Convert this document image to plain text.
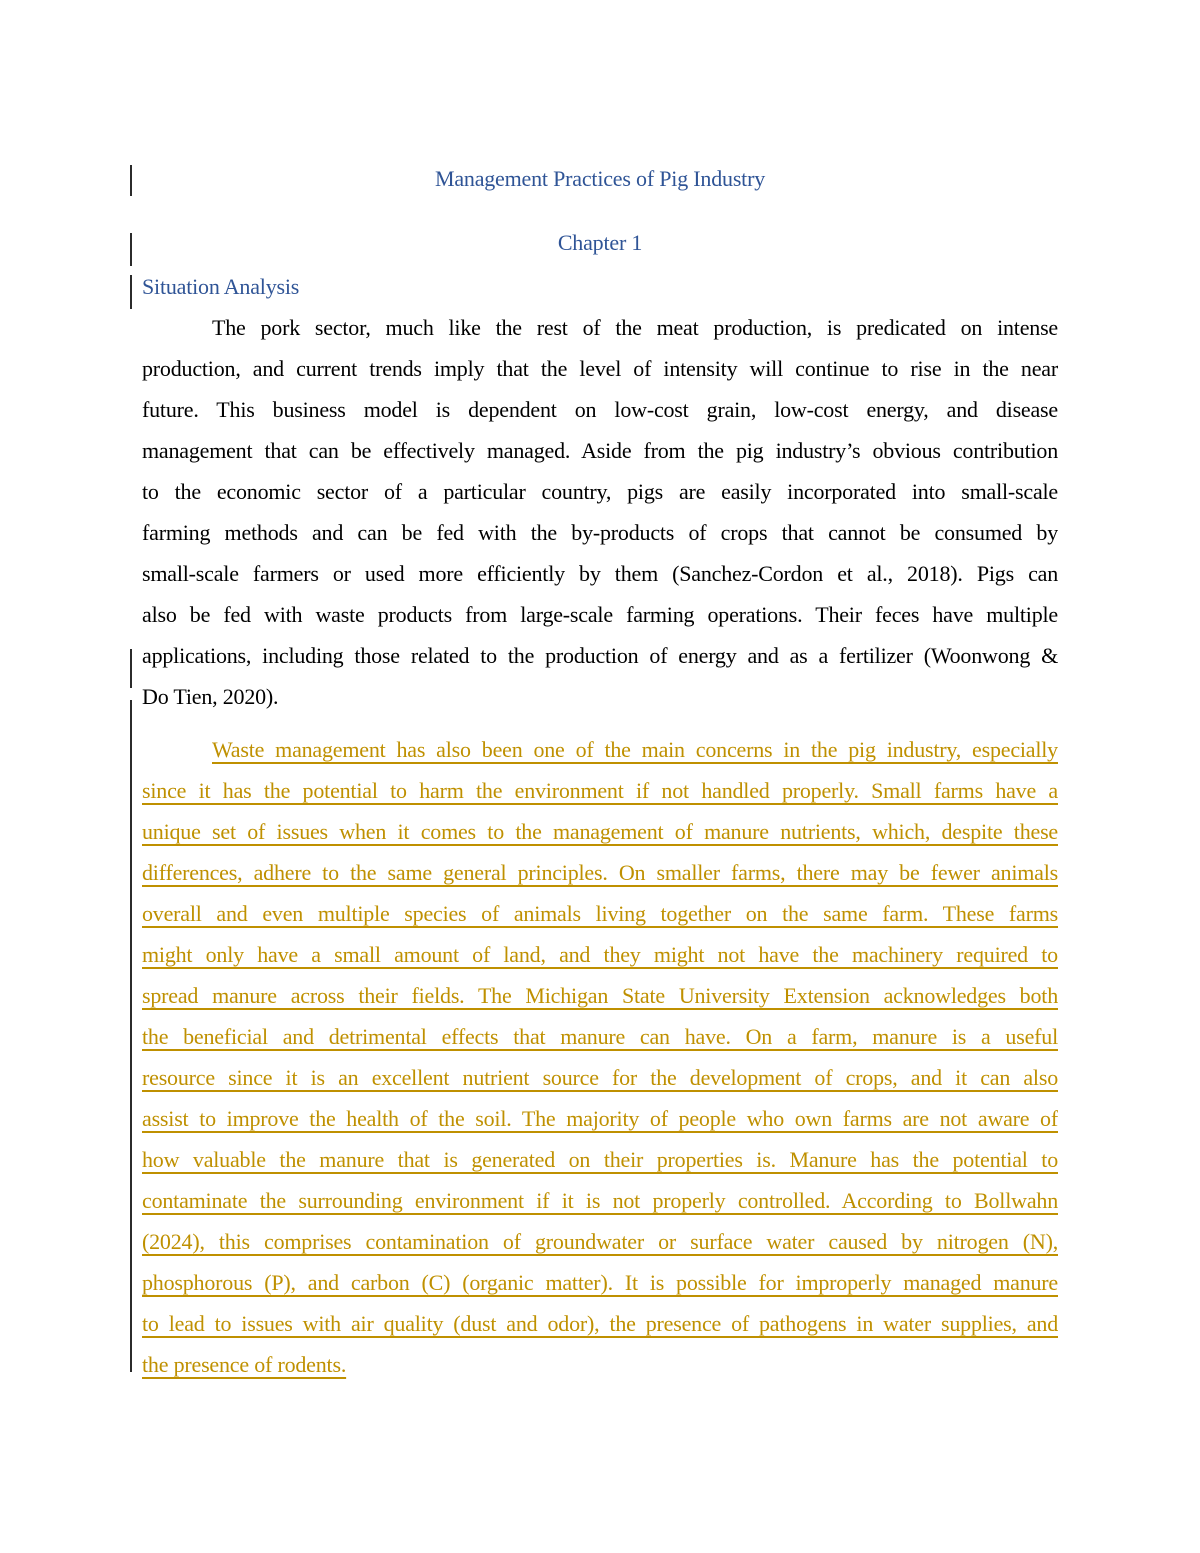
Management Practices of Pig Industry
Chapter 1
Situation Analysis
The pork sector, much like the rest of the meat production, is predicated on intense
production, and current trends imply that the level of intensity will continue to rise in the near
future. This business model is dependent on low-cost grain, low-cost energy, and disease
management that can be effectively managed. Aside from the pig industry’s obvious contribution
to the economic sector of a particular country, pigs are easily incorporated into small-scale
farming methods and can be fed with the by-products of crops that cannot be consumed by
small-scale farmers or used more efficiently by them (Sanchez-Cordon et al., 2018). Pigs can
also be fed with waste products from large-scale farming operations. Their feces have multiple
applications, including those related to the production of energy and as a fertilizer (Woonwong &
Do Tien, 2020).
Waste management has also been one of the main concerns in the pig industry, especially
since it has the potential to harm the environment if not handled properly. Small farms have a
unique set of issues when it comes to the management of manure nutrients, which, despite these
differences, adhere to the same general principles. On smaller farms, there may be fewer animals
overall and even multiple species of animals living together on the same farm. These farms
might only have a small amount of land, and they might not have the machinery required to
spread manure across their fields. The Michigan State University Extension acknowledges both
the beneficial and detrimental effects that manure can have. On a farm, manure is a useful
resource since it is an excellent nutrient source for the development of crops, and it can also
assist to improve the health of the soil. The majority of people who own farms are not aware of
how valuable the manure that is generated on their properties is. Manure has the potential to
contaminate the surrounding environment if it is not properly controlled. According to Bollwahn
(2024), this comprises contamination of groundwater or surface water caused by nitrogen (N),
phosphorous (P), and carbon (C) (organic matter). It is possible for improperly managed manure
to lead to issues with air quality (dust and odor), the presence of pathogens in water supplies, and
the presence of rodents.
